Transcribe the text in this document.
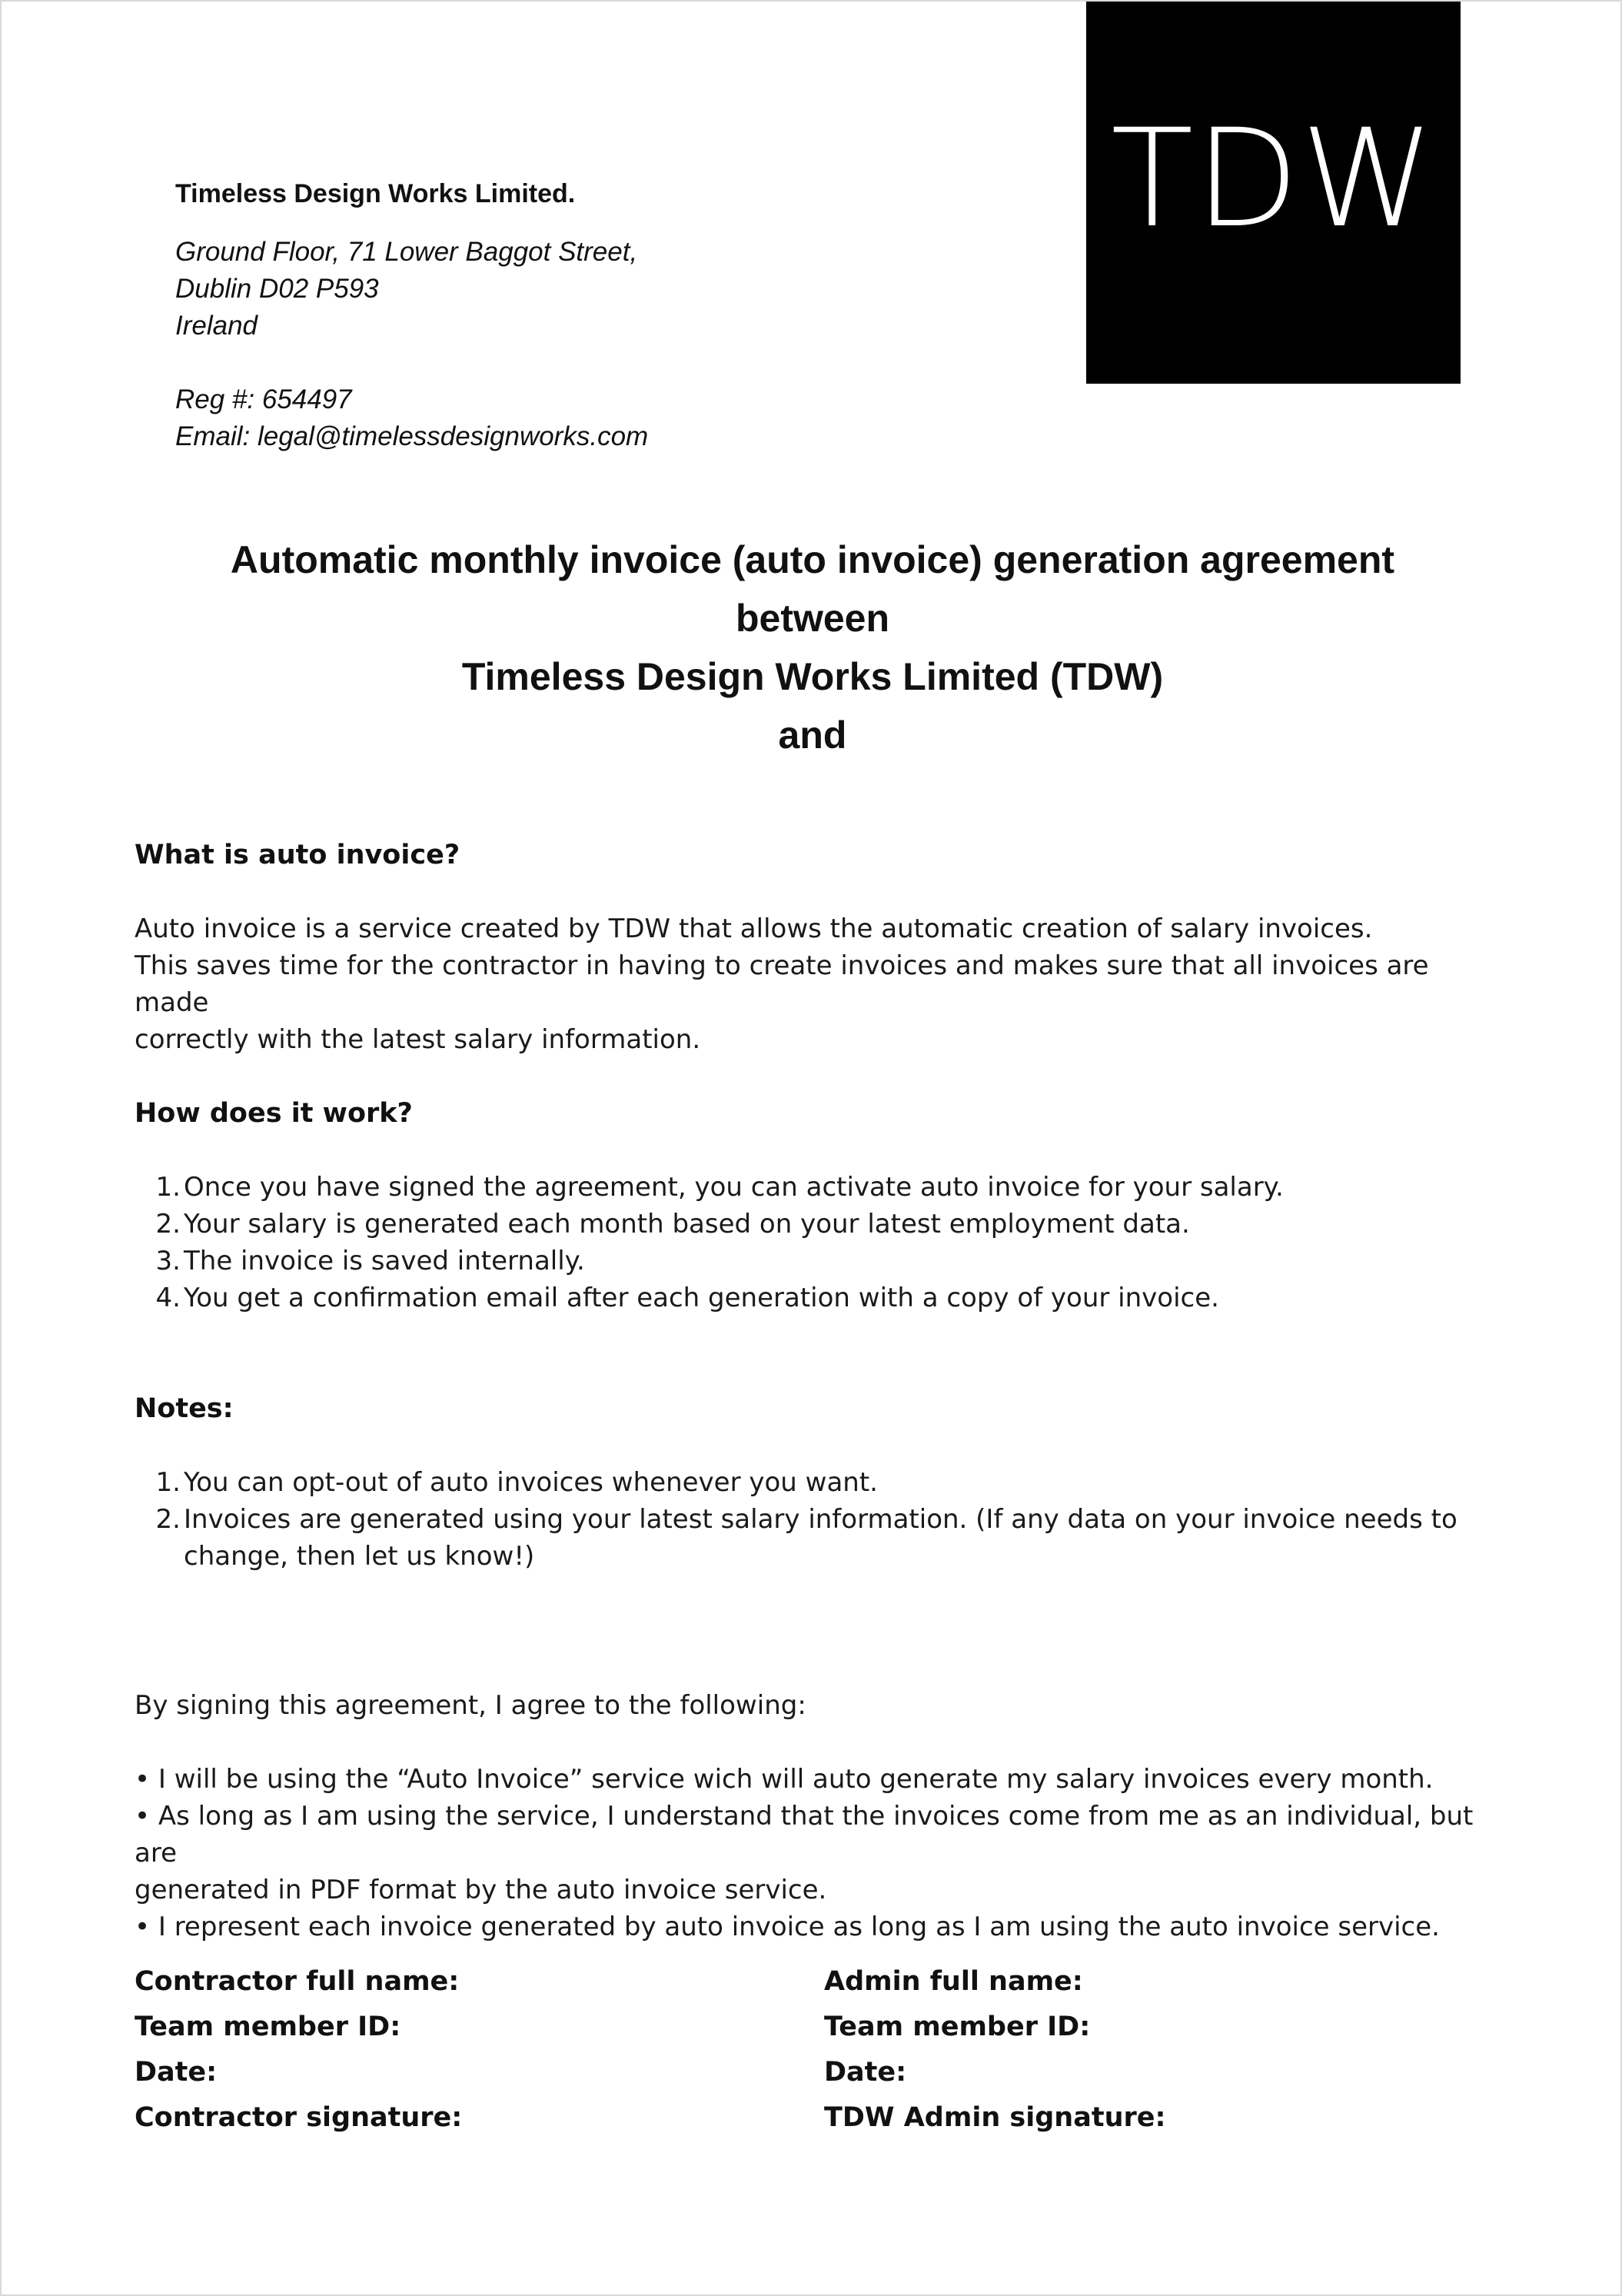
TDW

Timeless Design Works Limited.

Ground Floor, 71 Lower Baggot Street,

Dublin D02 P593

Ireland

Reg #: 654497

Email: legal@timelessdesignworks.com

Automatic monthly invoice (auto invoice) generation agreement

between

Timeless Design Works Limited (TDW)

and

What is auto invoice?

Auto invoice is a service created by TDW that allows the automatic creation of salary invoices.

This saves time for the contractor in having to create invoices and makes sure that all invoices are made

correctly with the latest salary information.

How does it work?

1. Once you have signed the agreement, you can activate auto invoice for your salary.
2. Your salary is generated each month based on your latest employment data.
3. The invoice is saved internally.
4. You get a confirmation email after each generation with a copy of your invoice.

Notes:

1. You can opt-out of auto invoices whenever you want.
2. Invoices are generated using your latest salary information. (If any data on your invoice needs to change, then let us know!)

By signing this agreement, I agree to the following:

• I will be using the “Auto Invoice” service wich will auto generate my salary invoices every month.

• As long as I am using the service, I understand that the invoices come from me as an individual, but are

generated in PDF format by the auto invoice service.

• I represent each invoice generated by auto invoice as long as I am using the auto invoice service.

Contractor full name:

Team member ID:

Date:

Contractor signature:

Admin full name:

Team member ID:

Date:

TDW Admin signature:
